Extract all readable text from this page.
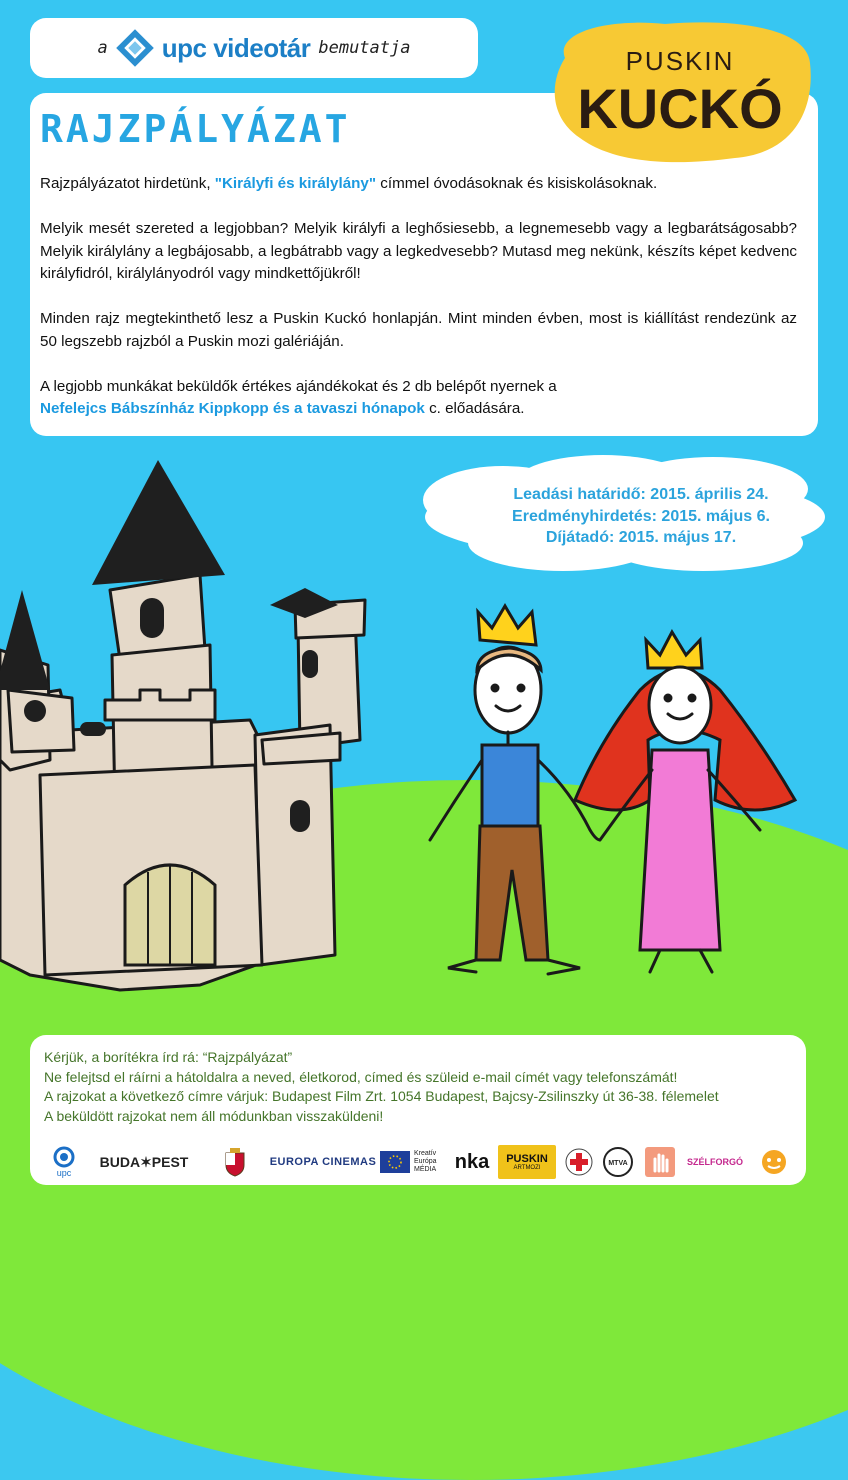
a upc videotár bemutatja
RAJZPÁLYÁZAT

Rajzpályázatot hirdetünk, "Királyfi és királylány" címmel óvodásoknak és kisiskolásoknak.

Melyik mesét szereted a legjobban? Melyik királyfi a leghősiesebb, a legnemesebb vagy a legbarátságosabb? Melyik királylány a legbájosabb, a legbátrabb vagy a legkedvesebb? Mutasd meg nekünk, készíts képet kedvenc királyfidról, királylányodról vagy mindkettőjükről!

Minden rajz megtekinthető lesz a Puskin Kuckó honlapján. Mint minden évben, most is kiállítást rendezünk az 50 legszebb rajzból a Puskin mozi galériáján.

A legjobb munkákat beküldők értékes ajándékokat és 2 db belépőt nyernek a
Nefelejcs Bábszínház Kippkopp és a tavaszi hónapok c. előadására.

PUSKIN
KUCKÓ
Leadási határidő: 2015. április 24.
Eredményhirdetés: 2015. május 6.
Díjátadó: 2015. május 17.
Kérjük, a borítékra írd rá: “Rajzpályázat”
Ne felejtsd el ráírni a hátoldalra a neved, életkorod, címed és szüleid e-mail címét vagy telefonszámát!
A rajzokat a következő címre várjuk: Budapest Film Zrt. 1054 Budapest, Bajcsy-Zsilinszky út 36-38. félemelet
A beküldött rajzokat nem áll módunkban visszaküldeni!
upc
BUDA✶PEST	EUROPA CINEMAS
Kreatív Európa MÉDIA nka PUSKIN
ARTMOZI
MTVA	SZÉLFORGÓ
